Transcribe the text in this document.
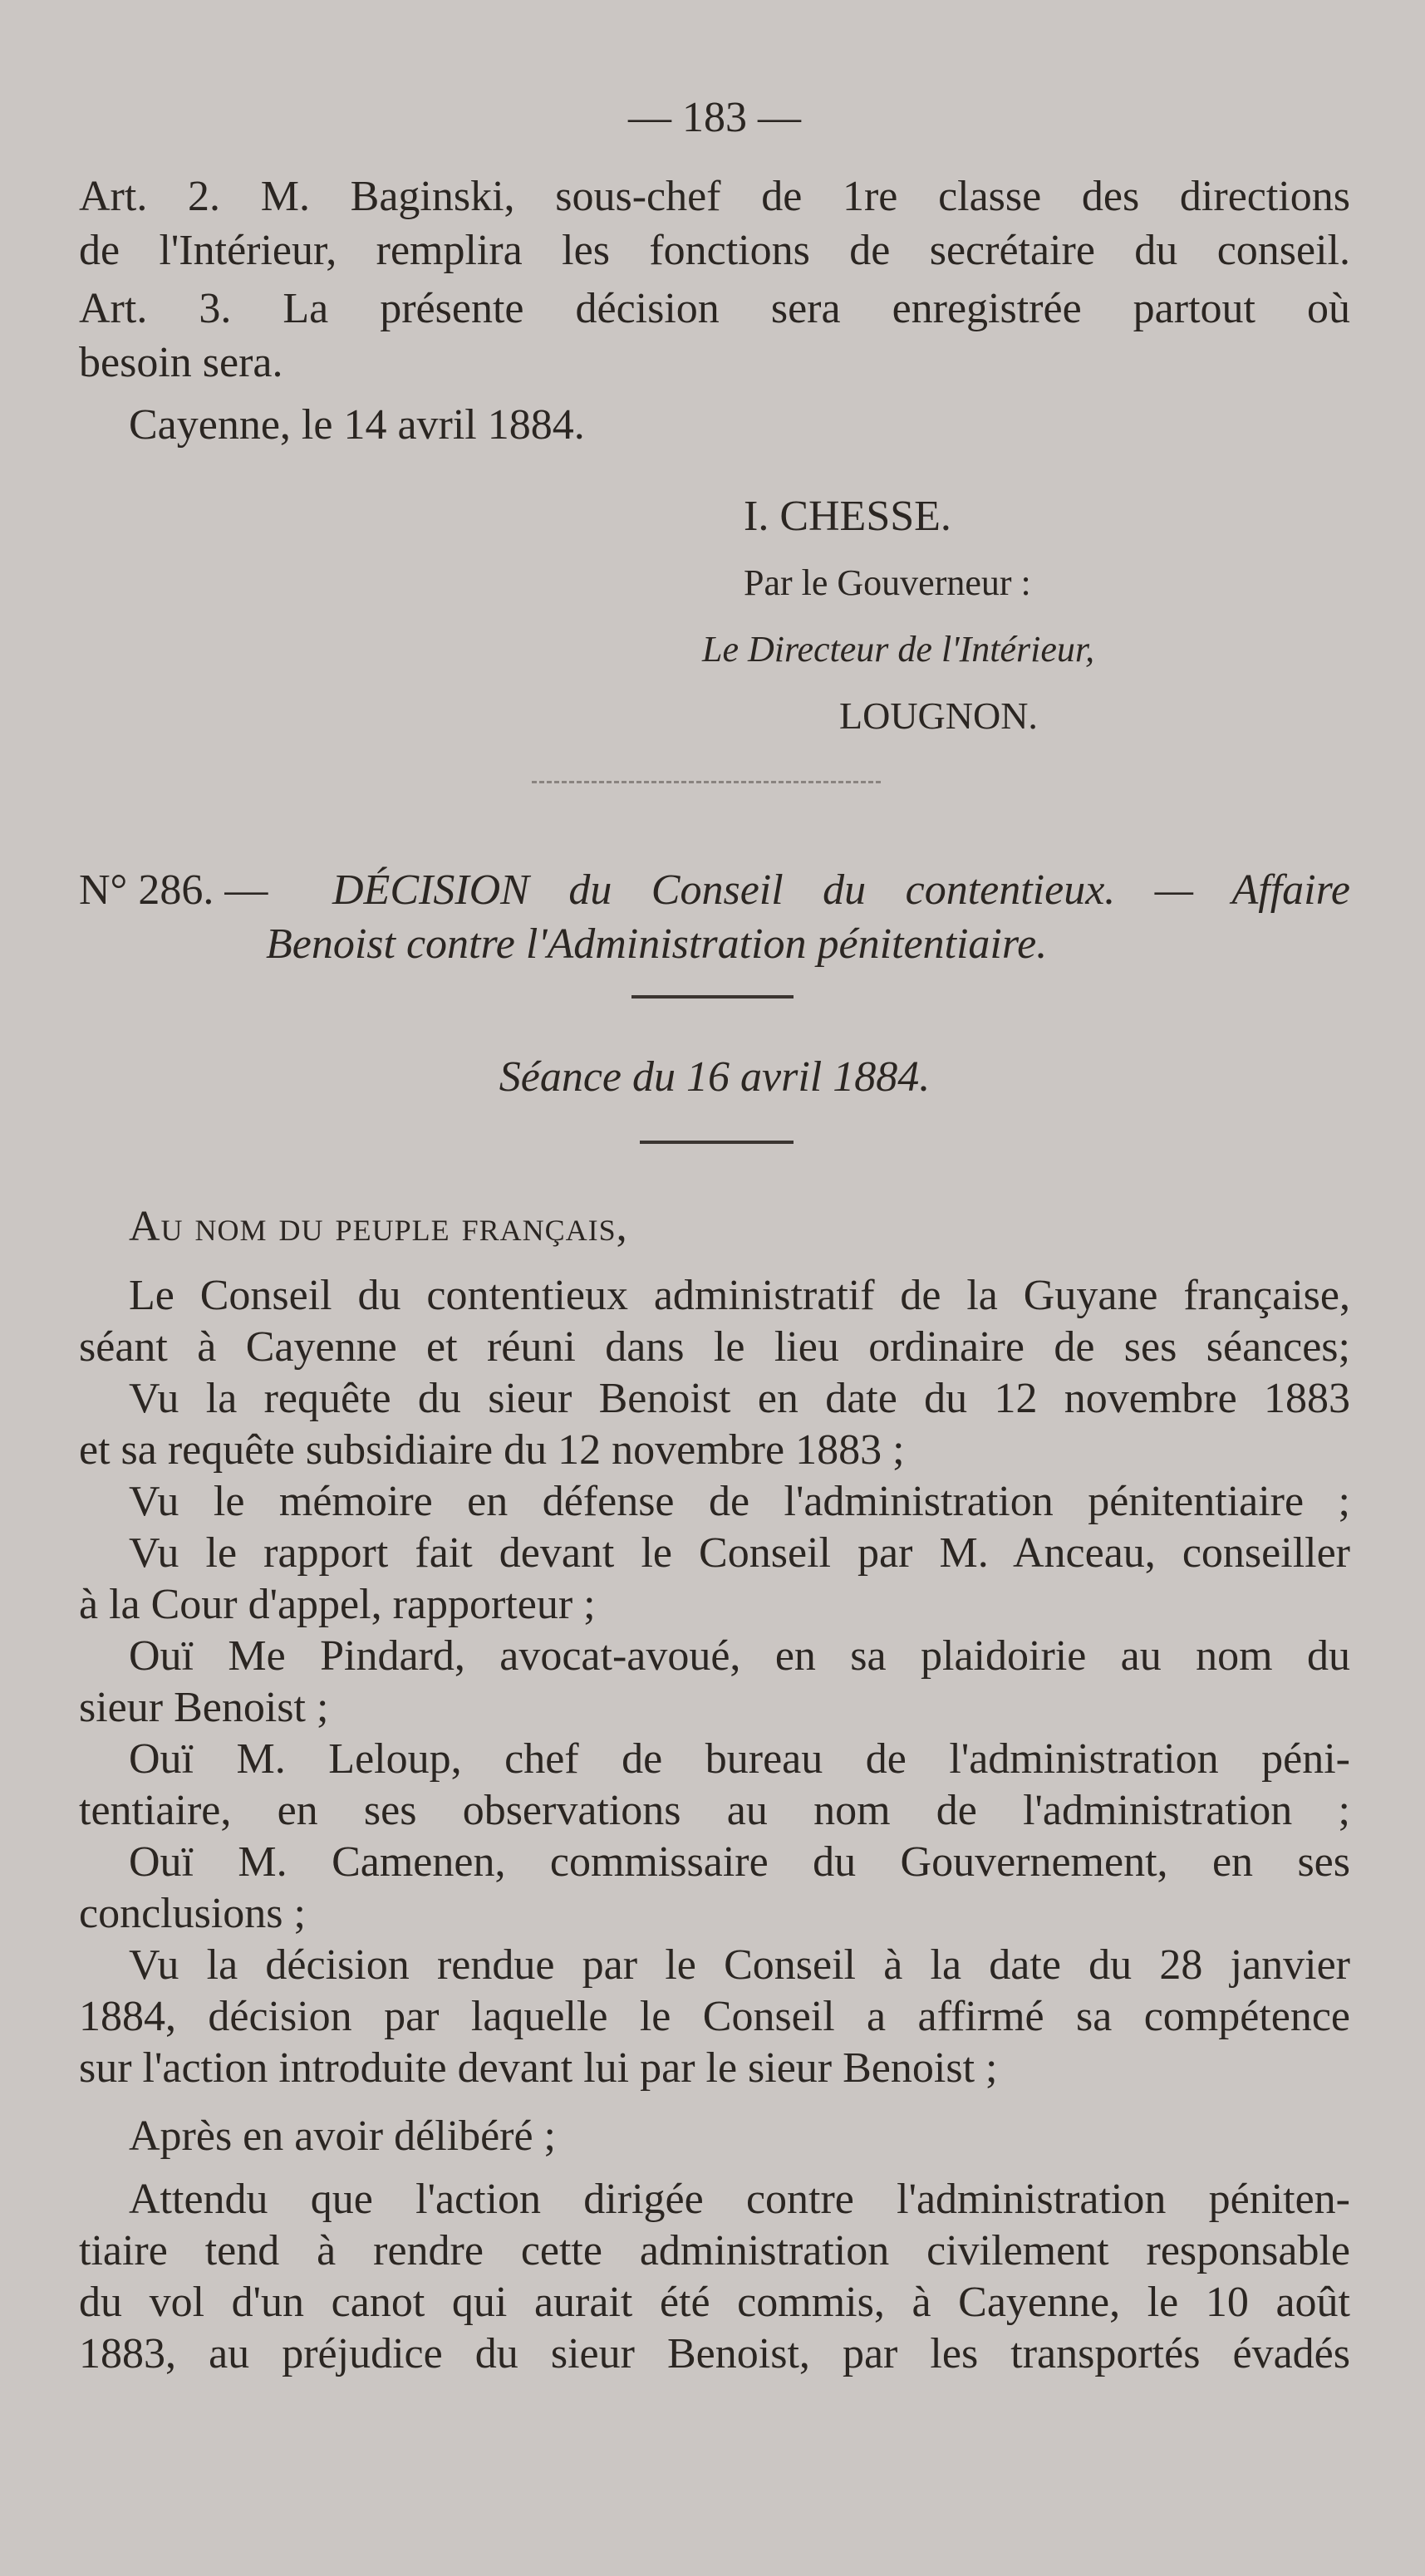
— 183 —
Art. 2. M. Baginski, sous-chef de 1re classe des directions
de l'Intérieur, remplira les fonctions de secrétaire du conseil.
Art. 3. La présente décision sera enregistrée partout où
besoin sera.
Cayenne, le 14 avril 1884.
I. CHESSE.
Par le Gouverneur :
Le Directeur de l'Intérieur,
LOUGNON.
N° 286. — DÉCISION du Conseil du contentieux. — Affaire
Benoist contre l'Administration pénitentiaire.
Séance du 16 avril 1884.
Au nom du peuple français,
Le Conseil du contentieux administratif de la Guyane française,
séant à Cayenne et réuni dans le lieu ordinaire de ses séances;
Vu la requête du sieur Benoist en date du 12 novembre 1883
et sa requête subsidiaire du 12 novembre 1883 ;
Vu le mémoire en défense de l'administration pénitentiaire ;
Vu le rapport fait devant le Conseil par M. Anceau, conseiller
à la Cour d'appel, rapporteur ;
Ouï Me Pindard, avocat-avoué, en sa plaidoirie au nom du
sieur Benoist ;
Ouï M. Leloup, chef de bureau de l'administration péni-
tentiaire, en ses observations au nom de l'administration ;
Ouï M. Camenen, commissaire du Gouvernement, en ses
conclusions ;
Vu la décision rendue par le Conseil à la date du 28 janvier
1884, décision par laquelle le Conseil a affirmé sa compétence
sur l'action introduite devant lui par le sieur Benoist ;
Après en avoir délibéré ;
Attendu que l'action dirigée contre l'administration péniten-
tiaire tend à rendre cette administration civilement responsable
du vol d'un canot qui aurait été commis, à Cayenne, le 10 août
1883, au préjudice du sieur Benoist, par les transportés évadés
